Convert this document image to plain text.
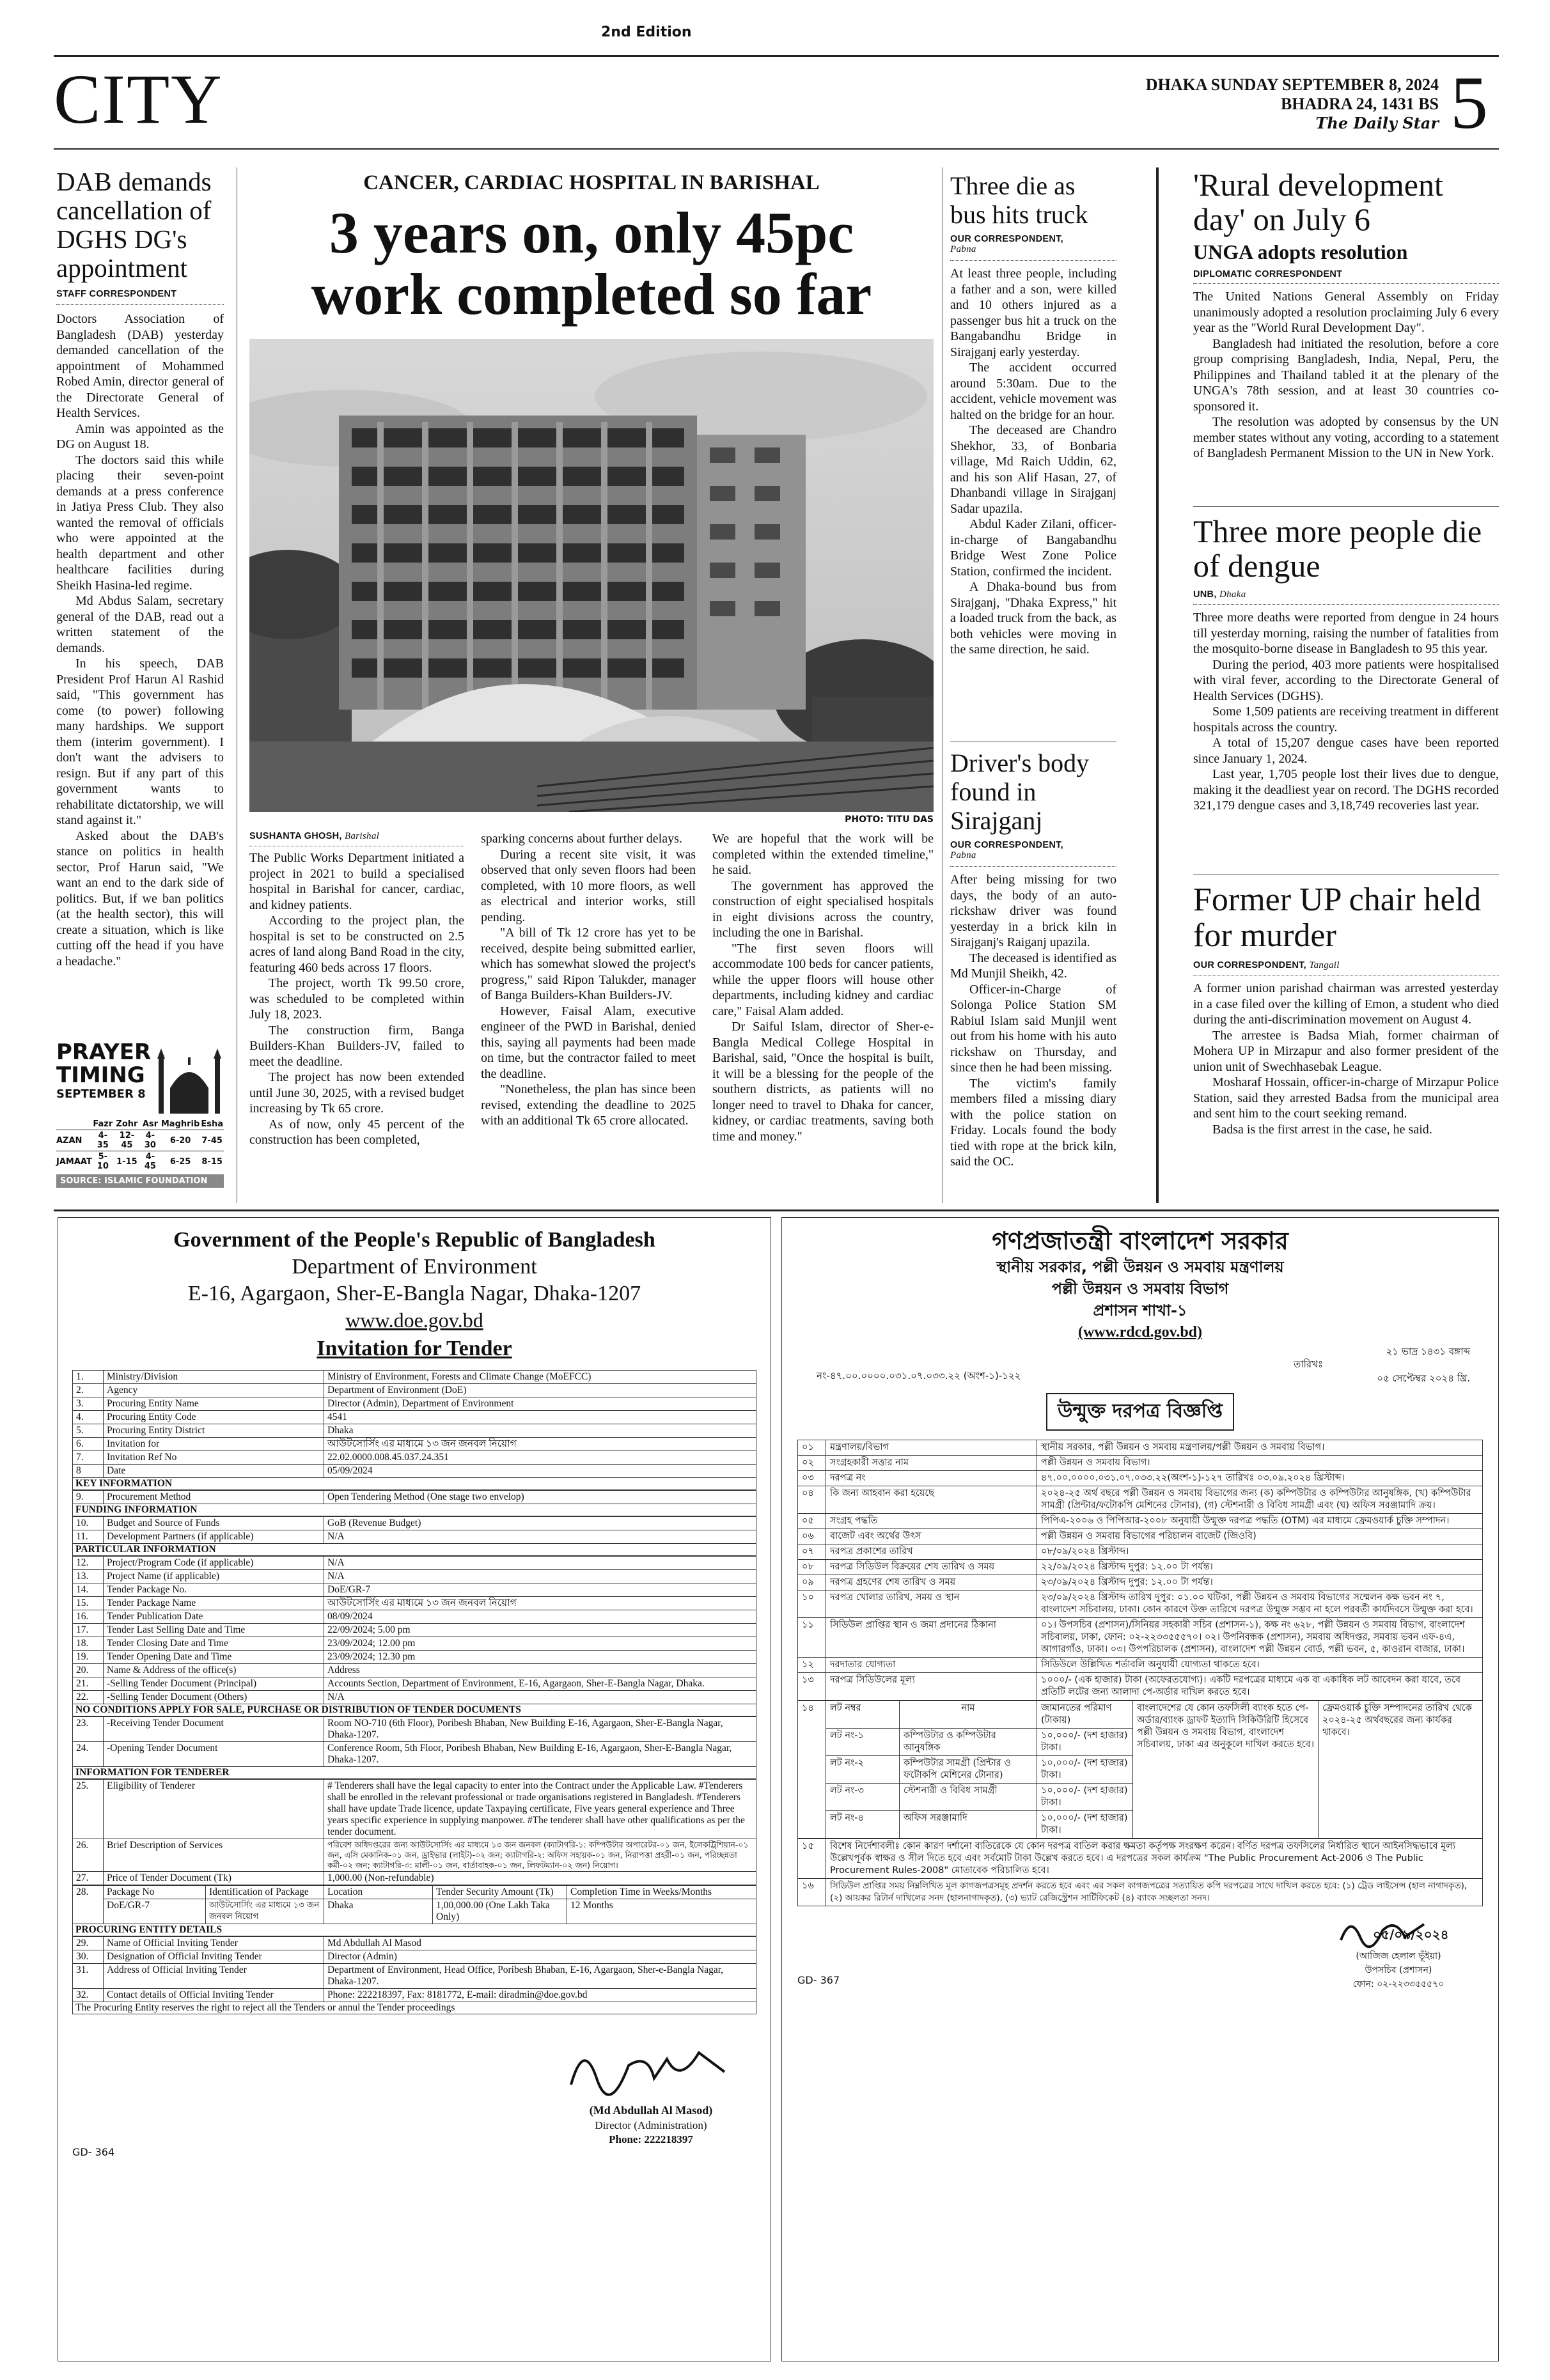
2nd Edition
CITY	DHAKA SUNDAY SEPTEMBER 8, 2024
BHADRA 24, 1431 BS
The Daily Star 5
DAB demands cancellation of DGHS DG's appointment
STAFF CORRESPONDENT

Doctors Association of Bangladesh (DAB) yesterday demanded cancellation of the appointment of Mohammed Robed Amin, director general of the Directorate General of Health Services.

Amin was appointed as the DG on August 18.

The doctors said this while placing their seven-point demands at a press conference in Jatiya Press Club. They also wanted the removal of officials who were appointed at the health department and other healthcare facilities during Sheikh Hasina-led regime.

Md Abdus Salam, secretary general of the DAB, read out a written statement of the demands.

In his speech, DAB President Prof Harun Al Rashid said, "This government has come (to power) following many hardships. We support them (interim government). I don't want the advisers to resign. But if any part of this government wants to rehabilitate dictatorship, we will stand against it."

Asked about the DAB's stance on politics in health sector, Prof Harun said, "We want an end to the dark side of politics. But, if we ban politics (at the health sector), this will create a situation, which is like cutting off the head if you have a headache."

PRAYER
TIMING
SEPTEMBER 8
	Fazr	Zohr	Asr	Maghrib	Esha
AZAN	4-35	12-45	4-30	6-20	7-45
JAMAAT	5-10	1-15	4-45	6-25	8-15
SOURCE: ISLAMIC FOUNDATION
CANCER, CARDIAC HOSPITAL IN BARISHAL
3 years on, only 45pc
work completed so far
PHOTO: TITU DAS
SUSHANTA GHOSH, Barishal

The Public Works Department initiated a project in 2021 to build a specialised hospital in Barishal for cancer, cardiac, and kidney patients.

According to the project plan, the hospital is set to be constructed on 2.5 acres of land along Band Road in the city, featuring 460 beds across 17 floors.

The project, worth Tk 99.50 crore, was scheduled to be completed within July 18, 2023.

The construction firm, Banga Builders-Khan Builders-JV, failed to meet the deadline.

The project has now been extended until June 30, 2025, with a revised budget increasing by Tk 65 crore.

As of now, only 45 percent of the construction has been completed,

sparking concerns about further delays.

During a recent site visit, it was observed that only seven floors had been completed, with 10 more floors, as well as electrical and interior works, still pending.

"A bill of Tk 12 crore has yet to be received, despite being submitted earlier, which has somewhat slowed the project's progress," said Ripon Talukder, manager of Banga Builders-Khan Builders-JV.

However, Faisal Alam, executive engineer of the PWD in Barishal, denied this, saying all payments had been made on time, but the contractor failed to meet the deadline.

"Nonetheless, the plan has since been revised, extending the deadline to 2025 with an additional Tk 65 crore allocated.

We are hopeful that the work will be completed within the extended timeline," he said.

The government has approved the construction of eight specialised hospitals in eight divisions across the country, including the one in Barishal.

"The first seven floors will accommodate 100 beds for cancer patients, while the upper floors will house other departments, including kidney and cardiac care," Faisal Alam added.

Dr Saiful Islam, director of Sher-e-Bangla Medical College Hospital in Barishal, said, "Once the hospital is built, it will be a blessing for the people of the southern districts, as patients will no longer need to travel to Dhaka for cancer, kidney, or cardiac treatments, saving both time and money."

Three die as bus hits truck
OUR CORRESPONDENT,
Pabna

At least three people, including a father and a son, were killed and 10 others injured as a passenger bus hit a truck on the Bangabandhu Bridge in Sirajganj early yesterday.

The accident occurred around 5:30am. Due to the accident, vehicle movement was halted on the bridge for an hour.

The deceased are Chandro Shekhor, 33, of Bonbaria village, Md Raich Uddin, 62, and his son Alif Hasan, 27, of Dhanbandi village in Sirajganj Sadar upazila.

Abdul Kader Zilani, officer-in-charge of Bangabandhu Bridge West Zone Police Station, confirmed the incident.

A Dhaka-bound bus from Sirajganj, "Dhaka Express," hit a loaded truck from the back, as both vehicles were moving in the same direction, he said.

Driver's body found in Sirajganj
OUR CORRESPONDENT,
Pabna

After being missing for two days, the body of an auto-rickshaw driver was found yesterday in a brick kiln in Sirajganj's Raiganj upazila.

The deceased is identified as Md Munjil Sheikh, 42.

Officer-in-Charge of Solonga Police Station SM Rabiul Islam said Munjil went out from his home with his auto rickshaw on Thursday, and since then he had been missing.

The victim's family members filed a missing diary with the police station on Friday. Locals found the body tied with rope at the brick kiln, said the OC.

'Rural development day' on July 6
UNGA adopts resolution
DIPLOMATIC CORRESPONDENT

The United Nations General Assembly on Friday unanimously adopted a resolution proclaiming July 6 every year as the "World Rural Development Day".

Bangladesh had initiated the resolution, before a core group comprising Bangladesh, India, Nepal, Peru, the Philippines and Thailand tabled it at the plenary of the UNGA's 78th session, and at least 30 countries co-sponsored it.

The resolution was adopted by consensus by the UN member states without any voting, according to a statement of Bangladesh Permanent Mission to the UN in New York.

Three more people die of dengue
UNB, Dhaka

Three more deaths were reported from dengue in 24 hours till yesterday morning, raising the number of fatalities from the mosquito-borne disease in Bangladesh to 95 this year.

During the period, 403 more patients were hospitalised with viral fever, according to the Directorate General of Health Services (DGHS).

Some 1,509 patients are receiving treatment in different hospitals across the country.

A total of 15,207 dengue cases have been reported since January 1, 2024.

Last year, 1,705 people lost their lives due to dengue, making it the deadliest year on record. The DGHS recorded 321,179 dengue cases and 3,18,749 recoveries last year.

Former UP chair held for murder
OUR CORRESPONDENT, Tangail

A former union parishad chairman was arrested yesterday in a case filed over the killing of Emon, a student who died during the anti-discrimination movement on August 4.

The arrestee is Badsa Miah, former chairman of Mohera UP in Mirzapur and also former president of the union unit of Swechhasebak League.

Mosharaf Hossain, officer-in-charge of Mirzapur Police Station, said they arrested Badsa from the municipal area and sent him to the court seeking remand.

Badsa is the first arrest in the case, he said.

Government of the People's Republic of Bangladesh
Department of Environment
E-16, Agargaon, Sher-E-Bangla Nagar, Dhaka-1207
www.doe.gov.bd
Invitation for Tender
1.	Ministry/Division	Ministry of Environment, Forests and Climate Change (MoEFCC)
2.	Agency	Department of Environment (DoE)
3.	Procuring Entity Name	Director (Admin), Department of Environment
4.	Procuring Entity Code	4541
5.	Procuring Entity District	Dhaka
6.	Invitation for	আউটসোর্সিং এর মাধ্যমে ১৩ জন জনবল নিয়োগ
7.	Invitation Ref No	22.02.0000.008.45.037.24.351
8	Date	05/09/2024
KEY INFORMATION
9.	Procurement Method	Open Tendering Method (One stage two envelop)
FUNDING INFORMATION
10.	Budget and Source of Funds	GoB (Revenue Budget)
11.	Development Partners (if applicable)	N/A
PARTICULAR INFORMATION
12.	Project/Program Code (if applicable)	N/A
13.	Project Name (if applicable)	N/A
14.	Tender Package No.	DoE/GR-7
15.	Tender Package Name	আউটসোর্সিং এর মাধ্যমে ১৩ জন জনবল নিয়োগ
16.	Tender Publication Date	08/09/2024
17.	Tender Last Selling Date and Time	22/09/2024; 5.00 pm
18.	Tender Closing Date and Time	23/09/2024; 12.00 pm
19.	Tender Opening Date and Time	23/09/2024; 12.30 pm
20.	Name & Address of the office(s)	Address
21.	-Selling Tender Document (Principal)	Accounts Section, Department of Environment, E-16, Agargaon, Sher-E-Bangla Nagar, Dhaka.
22.	-Selling Tender Document (Others)	N/A
NO CONDITIONS APPLY FOR SALE, PURCHASE OR DISTRIBUTION OF TENDER DOCUMENTS
23.	-Receiving Tender Document	Room NO-710 (6th Floor), Poribesh Bhaban, New Building E-16, Agargaon, Sher-E-Bangla Nagar, Dhaka-1207.
24.	-Opening Tender Document	Conference Room, 5th Floor, Poribesh Bhaban, New Building E-16, Agargaon, Sher-E-Bangla Nagar, Dhaka-1207.
INFORMATION FOR TENDERER
25.	Eligibility of Tenderer	# Tenderers shall have the legal capacity to enter into the Contract under the Applicable Law. #Tenderers shall be enrolled in the relevant professional or trade organisations registered in Bangladesh. #Tenderers shall have update Trade licence, update Taxpaying certificate, Five years general experience and Three years specific experience in supplying manpower. #The tenderer shall have other qualifications as per the tender document.
26.	Brief Description of Services	পরিবেশ অধিদপ্তরের জন্য আউটসোর্সিং এর মাধ্যমে ১৩ জন জনবল (ক্যাটাগরি-১: কম্পিউটার অপারেটর-০১ জন, ইলেকট্রিশিয়ান-০১ জন, এসি মেকানিক-০১ জন, ড্রাইভার (লাইট)-০২ জন; ক্যাটাগরি-২: অফিস সহায়ক-০১ জন, নিরাপত্তা প্রহরী-০১ জন, পরিচ্ছন্নতা কর্মী-০২ জন; ক্যাটাগরি-৩: মালী-০১ জন, বার্তাবাহক-০১ জন, লিফটম্যান-০২ জন) নিয়োগ।
27.	Price of Tender Document (Tk)	1,000.00 (Non-refundable)
28.	Package No	Identification of Package	Location	Tender Security Amount (Tk)	Completion Time in Weeks/Months
	DoE/GR-7	আউটসোর্সিং এর মাধ্যমে ১৩ জন জনবল নিয়োগ	Dhaka	1,00,000.00 (One Lakh Taka Only)	12 Months
PROCURING ENTITY DETAILS
29.	Name of Official Inviting Tender	Md Abdullah Al Masod
30.	Designation of Official Inviting Tender	Director (Admin)
31.	Address of Official Inviting Tender	Department of Environment, Head Office, Poribesh Bhaban, E-16, Agargaon, Sher-e-Bangla Nagar, Dhaka-1207.
32.	Contact details of Official Inviting Tender	Phone: 222218397, Fax: 8181772, E-mail: diradmin@doe.gov.bd
The Procuring Entity reserves the right to reject all the Tenders or annul the Tender proceedings
(Md Abdullah Al Masod)
Director (Administration)
Phone: 222218397
GD- 364
গণপ্রজাতন্ত্রী বাংলাদেশ সরকার
স্থানীয় সরকার, পল্লী উন্নয়ন ও সমবায় মন্ত্রণালয়
পল্লী উন্নয়ন ও সমবায় বিভাগ
প্রশাসন শাখা-১
(www.rdcd.gov.bd)
২১ ভাদ্র ১৪৩১ বঙ্গাব্দ
তারিখঃ
নং-৪৭.০০.০০০০.০৩১.০৭.০৩৩.২২ (অংশ-১)-১২২	০৫ সেপ্টেম্বর ২০২৪ খ্রি.
উন্মুক্ত দরপত্র বিজ্ঞপ্তি
০১	মন্ত্রণালয়/বিভাগ	স্থানীয় সরকার, পল্লী উন্নয়ন ও সমবায় মন্ত্রণালয়/পল্লী উন্নয়ন ও সমবায় বিভাগ।
০২	সংগ্রহকারী সত্তার নাম	পল্লী উন্নয়ন ও সমবায় বিভাগ।
০৩	দরপত্র নং	৪৭.০০.০০০০.০৩১.০৭.০৩৩.২২(অংশ-১)-১২৭ তারিখঃ ০৩.০৯.২০২৪ খ্রিস্টাব্দ।
০৪	কি জন্য আহবান করা হয়েছে	২০২৪-২৫ অর্থ বছরে পল্লী উন্নয়ন ও সমবায় বিভাগের জন্য (ক) কম্পিউটার ও কম্পিউটার আনুষঙ্গিক, (খ) কম্পিউটার সামগ্রী (প্রিন্টার/ফটোকপি মেশিনের টোনার), (গ) স্টেশনারী ও বিবিধ সামগ্রী এবং (ঘ) অফিস সরঞ্জামাদি ক্রয়।
০৫	সংগ্রহ পদ্ধতি	পিপিএ-২০০৬ ও পিপিআর-২০০৮ অনুযায়ী উন্মুক্ত দরপত্র পদ্ধতি (OTM) এর মাধ্যমে ফ্রেমওয়ার্ক চুক্তি সম্পাদন।
০৬	বাজেট এবং অর্থের উৎস	পল্লী উন্নয়ন ও সমবায় বিভাগের পরিচালন বাজেট (জিওবি)
০৭	দরপত্র প্রকাশের তারিখ	০৮/০৯/২০২৪ খ্রিস্টাব্দ।
০৮	দরপত্র সিডিউল বিক্রয়ের শেষ তারিখ ও সময়	২২/০৯/২০২৪ খ্রিস্টাব্দ দুপুর: ১২.০০ টা পর্যন্ত।
০৯	দরপত্র গ্রহণের শেষ তারিখ ও সময়	২৩/০৯/২০২৪ খ্রিস্টাব্দ দুপুর: ১২.০০ টা পর্যন্ত।
১০	দরপত্র খোলার তারিখ, সময় ও স্থান	২৩/০৯/২০২৪ খ্রিস্টাব্দ তারিখ দুপুর: ০১.০০ ঘটিকা, পল্লী উন্নয়ন ও সমবায় বিভাগের সম্মেলন কক্ষ ভবন নং ৭, বাংলাদেশ সচিবালয়, ঢাকা। কোন কারণে উক্ত তারিখে দরপত্র উন্মুক্ত সম্ভব না হলে পরবর্তী কার্যদিবসে উন্মুক্ত করা হবে।
১১	সিডিউল প্রাপ্তির স্থান ও জমা প্রদানের ঠিকানা	০১। উপসচিব (প্রশাসন)/সিনিয়র সহকারী সচিব (প্রশাসন-১), কক্ষ নং ৬২৮, পল্লী উন্নয়ন ও সমবায় বিভাগ, বাংলাদেশ সচিবালয়, ঢাকা, ফোন: ০২-২২৩৩৫৫৫৭০। ০২। উপনিবন্ধক (প্রশাসন), সমবায় অধিদপ্তর, সমবায় ভবন এফ-৪এ, আগারগাঁও, ঢাকা। ০৩। উপপরিচালক (প্রশাসন), বাংলাদেশ পল্লী উন্নয়ন বোর্ড, পল্লী ভবন, ৫, কাওরান বাজার, ঢাকা।
১২	দরদাতার যোগ্যতা	সিডিউলে উল্লিখিত শর্তাবলি অনুযায়ী যোগ্যতা থাকতে হবে।
১৩	দরপত্র সিডিউলের মূল্য	১০০০/- (এক হাজার) টাকা (অফেরতযোগ্য)। একটি দরপত্রের মাধ্যমে এক বা একাধিক লট আবেদন করা যাবে, তবে প্রতিটি লটের জন্য আলাদা পে-অর্ডার দাখিল করতে হবে।
১৪	লট নম্বর	নাম	জামানতের পরিমাণ (টাকায়)	বাংলাদেশের যে কোন তফসিলী ব্যাংক হতে পে-অর্ডার/ব্যাংক ড্রাফট ইত্যাদি সিকিউরিটি হিসেবে পল্লী উন্নয়ন ও সমবায় বিভাগ, বাংলাদেশ সচিবালয়, ঢাকা এর অনুকূলে দাখিল করতে হবে।	ফ্রেমওয়ার্ক চুক্তি সম্পাদনের তারিখ থেকে ২০২৪-২৫ অর্থবছরের জন্য কার্যকর থাকবে।
	লট নং-১	কম্পিউটার ও কম্পিউটার আনুষঙ্গিক	১০,০০০/- (দশ হাজার) টাকা।		
	লট নং-২	কম্পিউটার সামগ্রী (প্রিন্টার ও ফটোকপি মেশিনের টোনার)	১০,০০০/- (দশ হাজার) টাকা।		
	লট নং-৩	স্টেশনারী ও বিবিধ সামগ্রী	১০,০০০/- (দশ হাজার) টাকা।		
	লট নং-৪	অফিস সরঞ্জামাদি	১০,০০০/- (দশ হাজার) টাকা।		
১৫	বিশেষ নির্দেশাবলীঃ কোন কারণ দর্শানো ব্যতিরেকে যে কোন দরপত্র বাতিল করার ক্ষমতা কর্তৃপক্ষ সংরক্ষণ করেন। বর্ণিত দরপত্র তফসিলের নির্ধারিত স্থানে আইনসিদ্ধভাবে মূল্য উল্লেখপূর্বক স্বাক্ষর ও সীল দিতে হবে এবং সর্বমোট টাকা উল্লেখ করতে হবে। এ দরপত্রের সকল কার্যক্রম "The Public Procurement Act-2006 ও The Public Procurement Rules-2008" মোতাবেক পরিচালিত হবে।
১৬	সিডিউল প্রাপ্তির সময় নিম্নলিখিত মূল কাগজপত্রসমূহ প্রদর্শন করতে হবে এবং এর সকল কাগজপত্রের সত্যায়িত কপি দরপত্রের সাথে দাখিল করতে হবে: (১) ট্রেড লাইসেন্স (হাল নাগাদকৃত), (২) আয়কর রিটার্ন দাখিলের সনদ (হালনাগাদকৃত), (৩) ভ্যাট রেজিস্ট্রেশন সার্টিফিকেট (৪) ব্যাংক সচ্ছলতা সনদ।
০৫/০৯/২০২৪
(আজিজ হেলাল ভূঁইয়া)
উপসচিব (প্রশাসন)
ফোন: ০২-২২৩৩৫৫৫৭০
GD- 367
